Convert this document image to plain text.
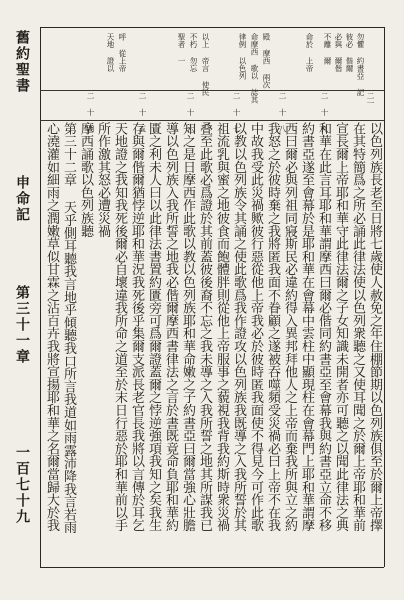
舊約聖書
申命記
第三十一章
一百七十九
勿懼 約書亞 記
彼必 偕爾
必與 爾偕
不離 爾
命於 上帝
殿 摩西 兩次
命摩西 歌以 誌其
律例 以色列
以上 帝言 使民
不朽 勿忘
聖者 一
呼 從上帝
天地 證以
二一
二 十 九
二 十 八
二 十 七
二 十 六
二 十 五
二 十 四
以色列族長老至日將七歲使人赦免之年住棚節期以色列族俱至於爾上帝擇
在其特簡爲之所必誦此律法使以色列衆聽之又使耳聞之於爾上帝耶和華前
宣長爾上帝耶和華守此律法爾之子女知識未開者亦可聽之以聞此律法之典
和華在此言耳耶和華謂摩西曰爾必偕同約書亞至會幕我與約書亞立命不移
約書亞遂至會幕於是耶和華在會幕中雲柱中顯現柱在會幕門上耶和華謂摩
西曰爾必與列祖同寢斯民必違約得入異邦拜他人之上帝而棄我所與立之約
我怒之於彼時棄之我將匿我面不眷顧之遂被吞噬頻受災禍必曰上帝不在我
中故我受此災禍歟彼行惡從他上帝我必於彼時匿我面使不得見今可作此歌
以教以色列族令其誦之使此歌爲我作證攻以色列族我既導之入我所誓於其
祖流乳與蜜之地彼食而飽體胖則從他上帝服事之藐視我背我約斯時衆災禍
叠至此歌必爲證於其前蓋彼後裔不忘之我未導之入我所誓之地其所謀我已
知之是日摩西作此歌以教以色列族耶和華命嫩之子約書亞曰爾當強心壯膽
導以色列族入我所誓之地我必偕爾摩西書律法之言於書既竟命負耶和華約
匱之利未人曰以此律法書置約匱旁可爲爾證蓋爾之悖逆強項我知之矣我生
存與爾偕爾猶悖逆耶和華況我死後乎集爾支派長老官長我將以言傳於耳乞
天地證之我知我死後爾必自壞違我所命之道至於末日行惡於耶和華前以手
所作激其怒必遭災禍
摩西誦歌以色列族聽
第三十二章 天乎側耳聽我言地乎傾聽我口所言我道如雨露沛降我言若雨
心澆灌如細雨之潤嫩草似甘霖之沾百卉我將宣揚耶和華之名爾當歸大於我
